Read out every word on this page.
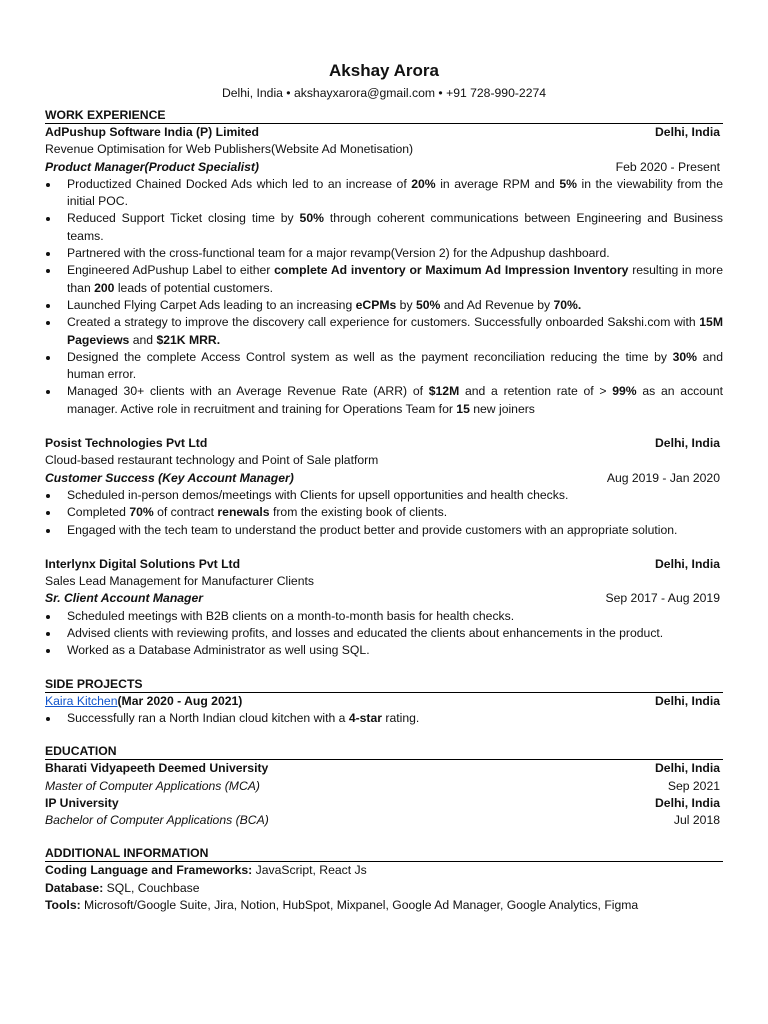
Akshay Arora
Delhi, India • akshayxarora@gmail.com • +91 728-990-2274
WORK EXPERIENCE
AdPushup Software India (P) Limited	Delhi, India
Revenue Optimisation for Web Publishers(Website Ad Monetisation)
Product Manager(Product Specialist)	Feb 2020 - Present
Productized Chained Docked Ads which led to an increase of 20% in average RPM and 5% in the viewability from the initial POC.
Reduced Support Ticket closing time by 50% through coherent communications between Engineering and Business teams.
Partnered with the cross-functional team for a major revamp(Version 2) for the Adpushup dashboard.
Engineered AdPushup Label to either complete Ad inventory or Maximum Ad Impression Inventory resulting in more than 200 leads of potential customers.
Launched Flying Carpet Ads leading to an increasing eCPMs by 50% and Ad Revenue by 70%.
Created a strategy to improve the discovery call experience for customers. Successfully onboarded Sakshi.com with 15M Pageviews and $21K MRR.
Designed the complete Access Control system as well as the payment reconciliation reducing the time by 30% and human error.
Managed 30+ clients with an Average Revenue Rate (ARR) of $12M and a retention rate of > 99% as an account manager. Active role in recruitment and training for Operations Team for 15 new joiners
Posist Technologies Pvt Ltd	Delhi, India
Cloud-based restaurant technology and Point of Sale platform
Customer Success (Key Account Manager)	Aug 2019 - Jan 2020
Scheduled in-person demos/meetings with Clients for upsell opportunities and health checks.
Completed 70% of contract renewals from the existing book of clients.
Engaged with the tech team to understand the product better and provide customers with an appropriate solution.
Interlynx Digital Solutions Pvt Ltd	Delhi, India
Sales Lead Management for Manufacturer Clients
Sr. Client Account Manager	Sep 2017 - Aug 2019
Scheduled meetings with B2B clients on a month-to-month basis for health checks.
Advised clients with reviewing profits, and losses and educated the clients about enhancements in the product.
Worked as a Database Administrator as well using SQL.
SIDE PROJECTS
Kaira Kitchen(Mar 2020 - Aug 2021)	Delhi, India
Successfully ran a North Indian cloud kitchen with a 4-star rating.
EDUCATION
Bharati Vidyapeeth Deemed University	Delhi, India
Master of Computer Applications (MCA)	Sep 2021
IP University	Delhi, India
Bachelor of Computer Applications (BCA)	Jul 2018
ADDITIONAL INFORMATION
Coding Language and Frameworks: JavaScript, React Js
Database: SQL, Couchbase
Tools: Microsoft/Google Suite, Jira, Notion, HubSpot, Mixpanel, Google Ad Manager, Google Analytics, Figma
